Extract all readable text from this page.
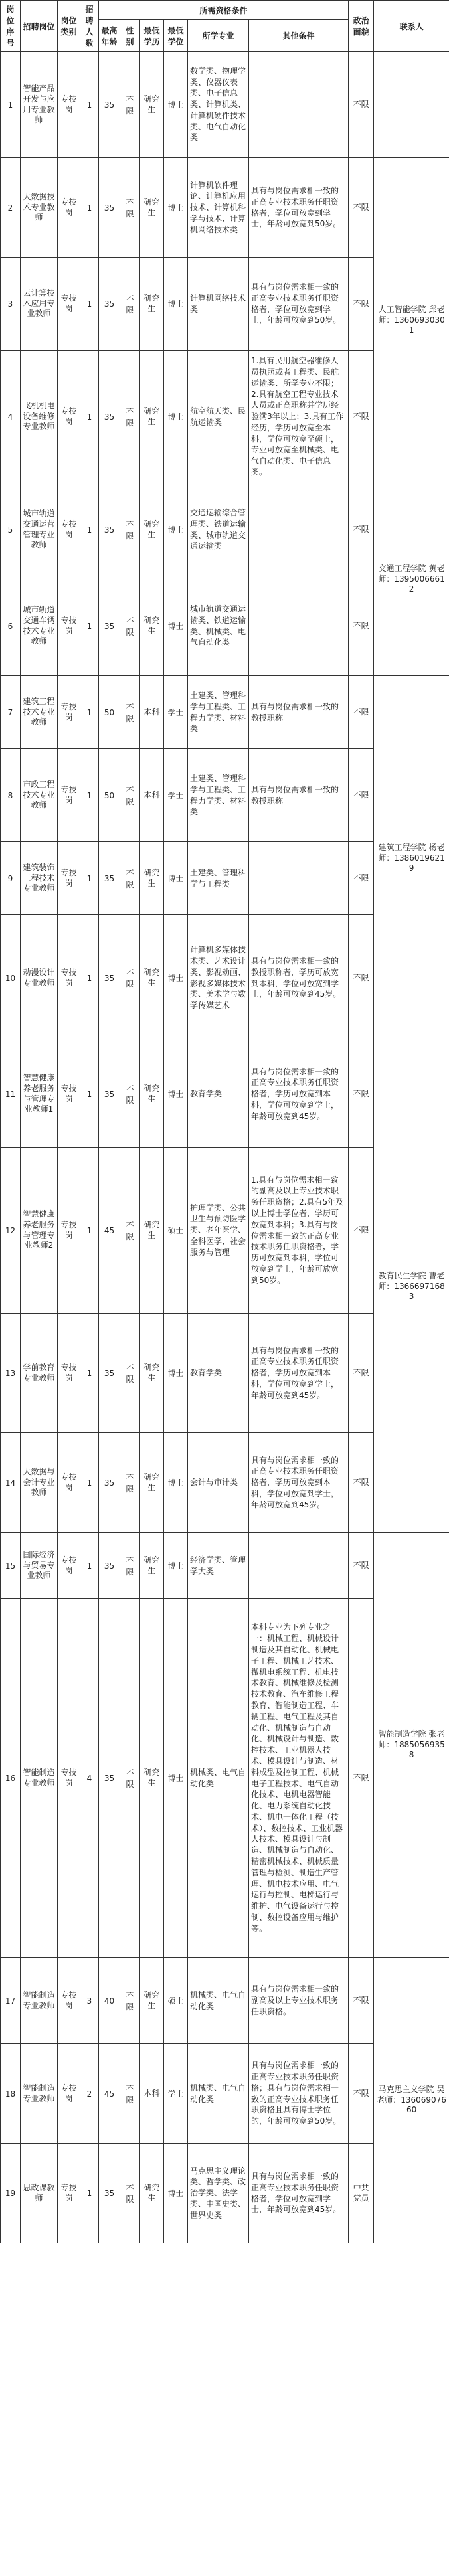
岗位序号	招聘岗位	岗位类别	招聘人数	所需资格条件						政治面貌	联系人
				最高年龄	性别	最低学历	最低学位	所学专业	其他条件		
1	智能产品开发与应用专业教师	专技岗	1	35	不限	研究生	博士	数学类、物理学类、仪器仪表类、电子信息类、计算机类、计算机硬件技术类、电气自动化类		不限	
2	大数据技术专业教师	专技岗	1	35	不限	研究生	博士	计算机软件理论、计算机应用技术、计算机科学与技术、计算机网络技术类	具有与岗位需求相一致的正高专业技术职务任职资格者，学位可放宽到学士，年龄可放宽到50岁。	不限	人工智能学院 邱老师：13606930301
3	云计算技术应用专业教师	专技岗	1	35	不限	研究生	博士	计算机网络技术类	具有与岗位需求相一致的正高专业技术职务任职资格者，学位可放宽到学士，年龄可放宽到50岁。	不限	
4	飞机机电设备维修专业教师	专技岗	1	35	不限	研究生	博士	航空航天类、民航运输类	1.具有民用航空器维修人员执照或者工程类、民航运输类、所学专业不限；2.具有航空工程专业技术人员或正高职称并学历经验满3年以上；3.具有工作经历，学历可放宽至本科，学位可放宽至硕士，专业可放宽至机械类、电气自动化类、电子信息类。	不限	
5	城市轨道交通运营管理专业教师	专技岗	1	35	不限	研究生	博士	交通运输综合管理类、铁道运输类、城市轨道交通运输类		不限	交通工程学院 黄老师：13950066612
6	城市轨道交通车辆技术专业教师	专技岗	1	35	不限	研究生	博士	城市轨道交通运输类、铁道运输类、机械类、电气自动化类		不限	
7	建筑工程技术专业教师	专技岗	1	50	不限	本科	学士	土建类、管理科学与工程类、工程力学类、材料类	具有与岗位需求相一致的教授职称	不限	建筑工程学院 杨老师：13860196219
8	市政工程技术专业教师	专技岗	1	50	不限	本科	学士	土建类、管理科学与工程类、工程力学类、材料类	具有与岗位需求相一致的教授职称	不限	
9	建筑装饰工程技术专业教师	专技岗	1	35	不限	研究生	博士	土建类、管理科学与工程类		不限	
10	动漫设计专业教师	专技岗	1	35	不限	研究生	博士	计算机多媒体技术类、艺术设计类、影视动画、影视多媒体技术类、美术学与数学传媒艺术	具有与岗位需求相一致的教授职称者，学历可放宽到本科，学位可放宽到学士，年龄可放宽到45岁。	不限	
11	智慧健康养老服务与管理专业教师1	专技岗	1	35	不限	研究生	博士	教育学类	具有与岗位需求相一致的正高专业技术职务任职资格者，学历可放宽到本科，学位可放宽到学士，年龄可放宽到45岁。	不限	教育民生学院 曹老师：13666971683
12	智慧健康养老服务与管理专业教师2	专技岗	1	45	不限	研究生	硕士	护理学类、公共卫生与预防医学类、老年医学、全科医学、社会服务与管理	1.具有与岗位需求相一致的副高及以上专业技术职务任职资格；2.具有5年及以上博士学位者，学历可放宽到本科；3.具有与岗位需求相一致的正高专业技术职务任职资格者，学历可放宽到本科，学位可放宽到学士，年龄可放宽到50岁。	不限	
13	学前教育专业教师	专技岗	1	35	不限	研究生	博士	教育学类	具有与岗位需求相一致的正高专业技术职务任职资格者，学历可放宽到本科，学位可放宽到学士，年龄可放宽到45岁。	不限	
14	大数据与会计专业教师	专技岗	1	35	不限	研究生	博士	会计与审计类	具有与岗位需求相一致的正高专业技术职务任职资格者，学历可放宽到本科，学位可放宽到学士，年龄可放宽到45岁。	不限	
15	国际经济与贸易专业教师	专技岗	1	35	不限	研究生	博士	经济学类、管理学大类		不限	智能制造学院 张老师：18850569358
16	智能制造专业教师	专技岗	4	35	不限	研究生	博士	机械类、电气自动化类	本科专业为下列专业之一：机械工程、机械设计制造及其自动化、机械电子工程、机械工艺技术、微机电系统工程、机电技术教育、机械维修及检测技术教育、汽车维修工程教育、智能制造工程、车辆工程、电气工程及其自动化、机械制造与自动化、机械设计与制造、数控技术、工业机器人技术、模具设计与制造、材料成型及控制工程、机械电子工程技术、电气自动化技术、电机电器智能化、电力系统自动化技术、机电一体化工程（技术）、数控技术、工业机器人技术、模具设计与制造、机械制造与自动化、精密机械技术、机械质量管理与检测、制造生产管理、机电技术应用、电气运行与控制、电梯运行与维护、电气设备运行与控制、数控设备应用与维护等。	不限	
17	智能制造专业教师	专技岗	3	40	不限	研究生	硕士	机械类、电气自动化类	具有与岗位需求相一致的副高及以上专业技术职务任职资格。	不限	马克思主义学院 吴老师：13606907660
18	智能制造专业教师	专技岗	2	45	不限	本科	学士	机械类、电气自动化类	具有与岗位需求相一致的正高专业技术职务任职资格；具有与岗位需求相一致的正高专业技术职务任职资格且具有博士学位的，年龄可放宽到50岁。	不限	
19	思政课教师	专技岗	1	35	不限	研究生	博士	马克思主义理论类、哲学类、政治学类、法学类、中国史类、世界史类	具有与岗位需求相一致的正高专业技术职务任职资格者，学位可放宽到学士，年龄可放宽到45岁。	中共党员	
